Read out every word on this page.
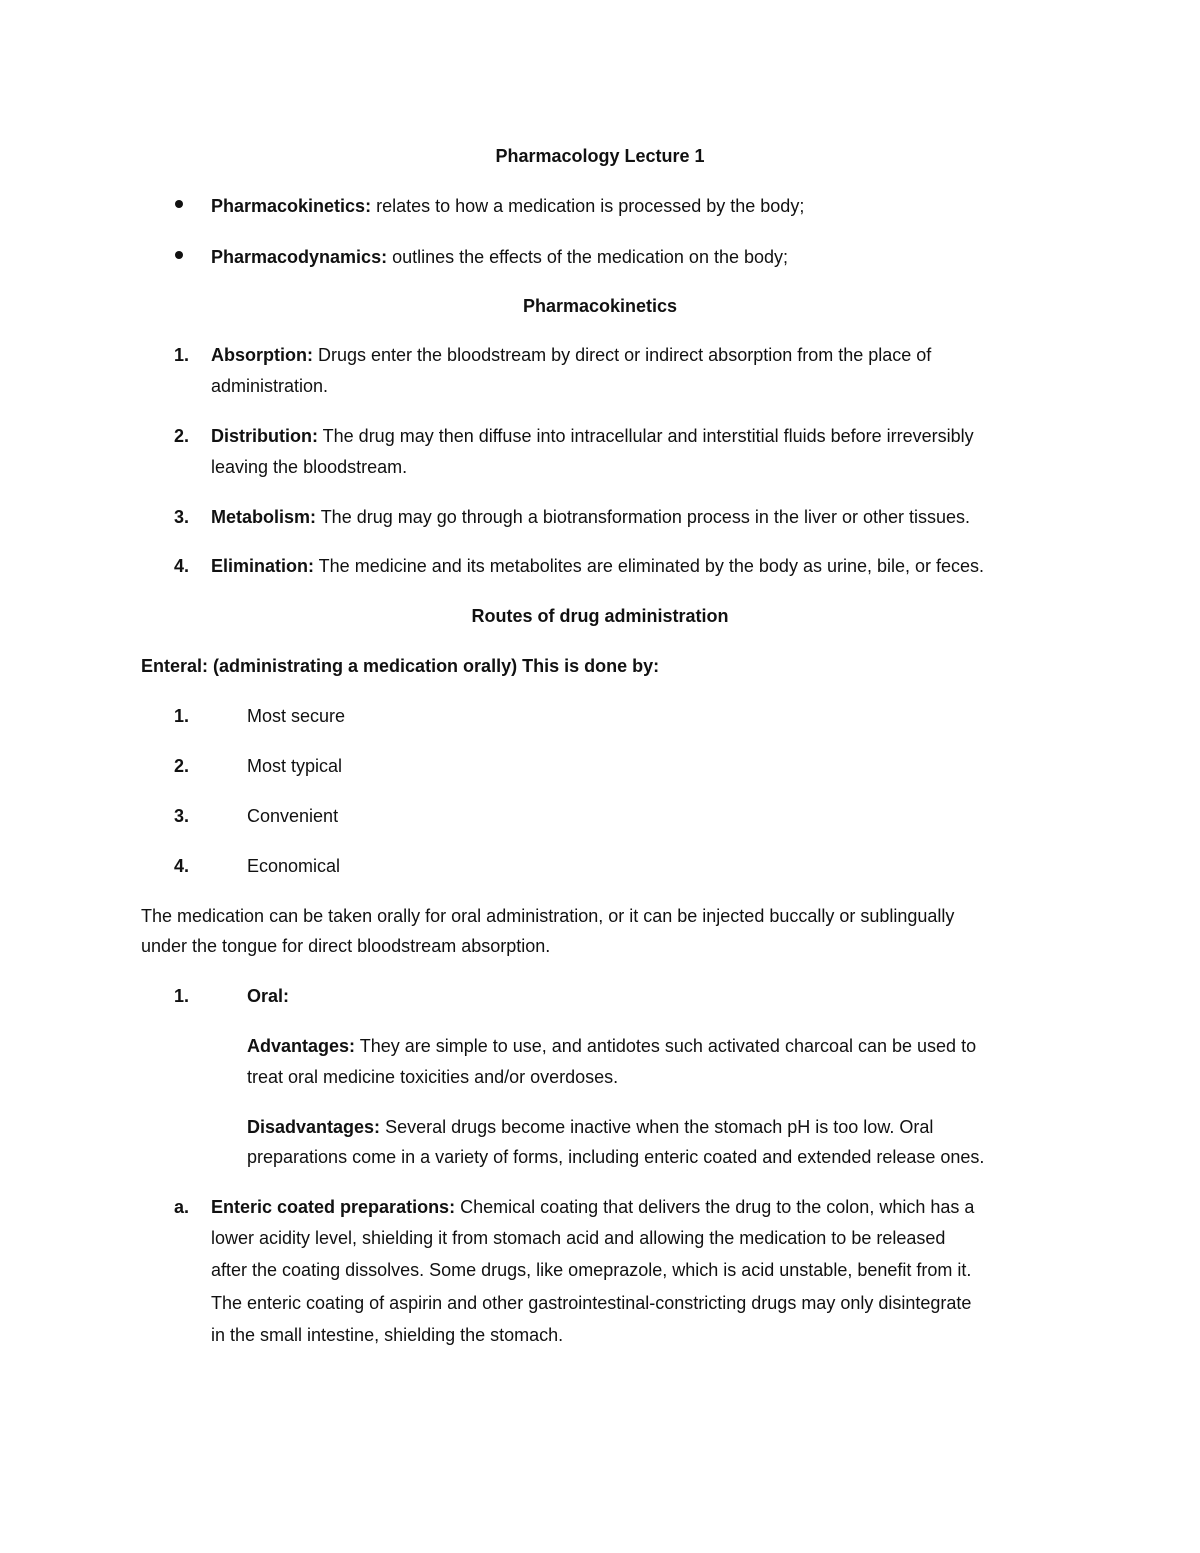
Pharmacology Lecture 1
Pharmacokinetics: relates to how a medication is processed by the body;
Pharmacodynamics: outlines the effects of the medication on the body;
Pharmacokinetics
1. Absorption: Drugs enter the bloodstream by direct or indirect absorption from the place of
administration.
2. Distribution: The drug may then diffuse into intracellular and interstitial fluids before irreversibly
leaving the bloodstream.
3. Metabolism: The drug may go through a biotransformation process in the liver or other tissues.
4. Elimination: The medicine and its metabolites are eliminated by the body as urine, bile, or feces.
Routes of drug administration
Enteral: (administrating a medication orally) This is done by:
1.	Most secure
2.	Most typical
3.	Convenient
4.	Economical
The medication can be taken orally for oral administration, or it can be injected buccally or sublingually
under the tongue for direct bloodstream absorption.
1.	Oral:
Advantages: They are simple to use, and antidotes such activated charcoal can be used to
treat oral medicine toxicities and/or overdoses.
Disadvantages: Several drugs become inactive when the stomach pH is too low. Oral
preparations come in a variety of forms, including enteric coated and extended release ones.
a. Enteric coated preparations: Chemical coating that delivers the drug to the colon, which has a
lower acidity level, shielding it from stomach acid and allowing the medication to be released
after the coating dissolves. Some drugs, like omeprazole, which is acid unstable, benefit from it.
The enteric coating of aspirin and other gastrointestinal-constricting drugs may only disintegrate
in the small intestine, shielding the stomach.
